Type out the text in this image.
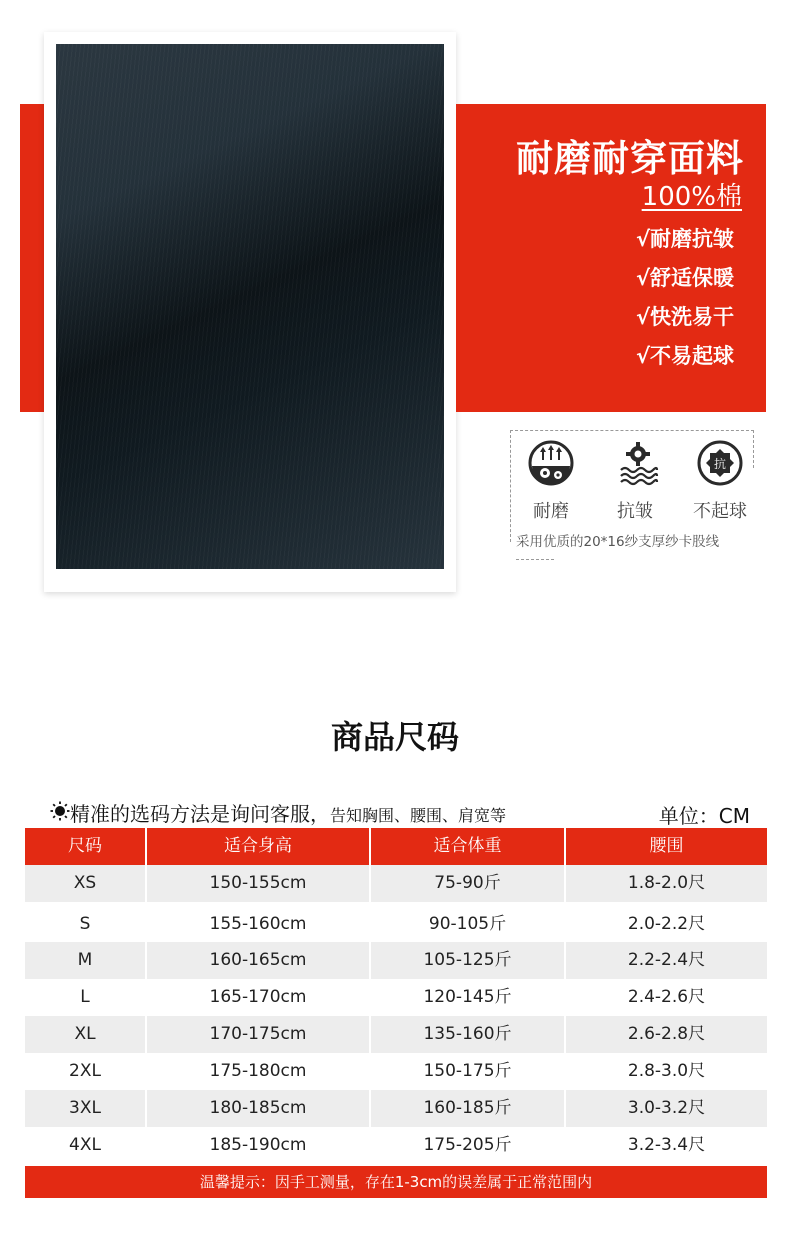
耐磨耐穿面料
100%棉
√耐磨抗皱
√舒适保暖
√快洗易干
√不易起球
耐磨	抗皱
抗
不起球
采用优质的20*16纱支厚纱卡股线
商品尺码
精准的选码方法是询问客服，告知胸围、腰围、肩宽等	单位：CM
尺码	适合身高	适合体重	腰围
XS	150-155cm	75-90斤	1.8-2.0尺
S	155-160cm	90-105斤	2.0-2.2尺
M	160-165cm	105-125斤	2.2-2.4尺
L	165-170cm	120-145斤	2.4-2.6尺
XL	170-175cm	135-160斤	2.6-2.8尺
2XL	175-180cm	150-175斤	2.8-3.0尺
3XL	180-185cm	160-185斤	3.0-3.2尺
4XL	185-190cm	175-205斤	3.2-3.4尺
温馨提示：因手工测量，存在1-3cm的误差属于正常范围内
